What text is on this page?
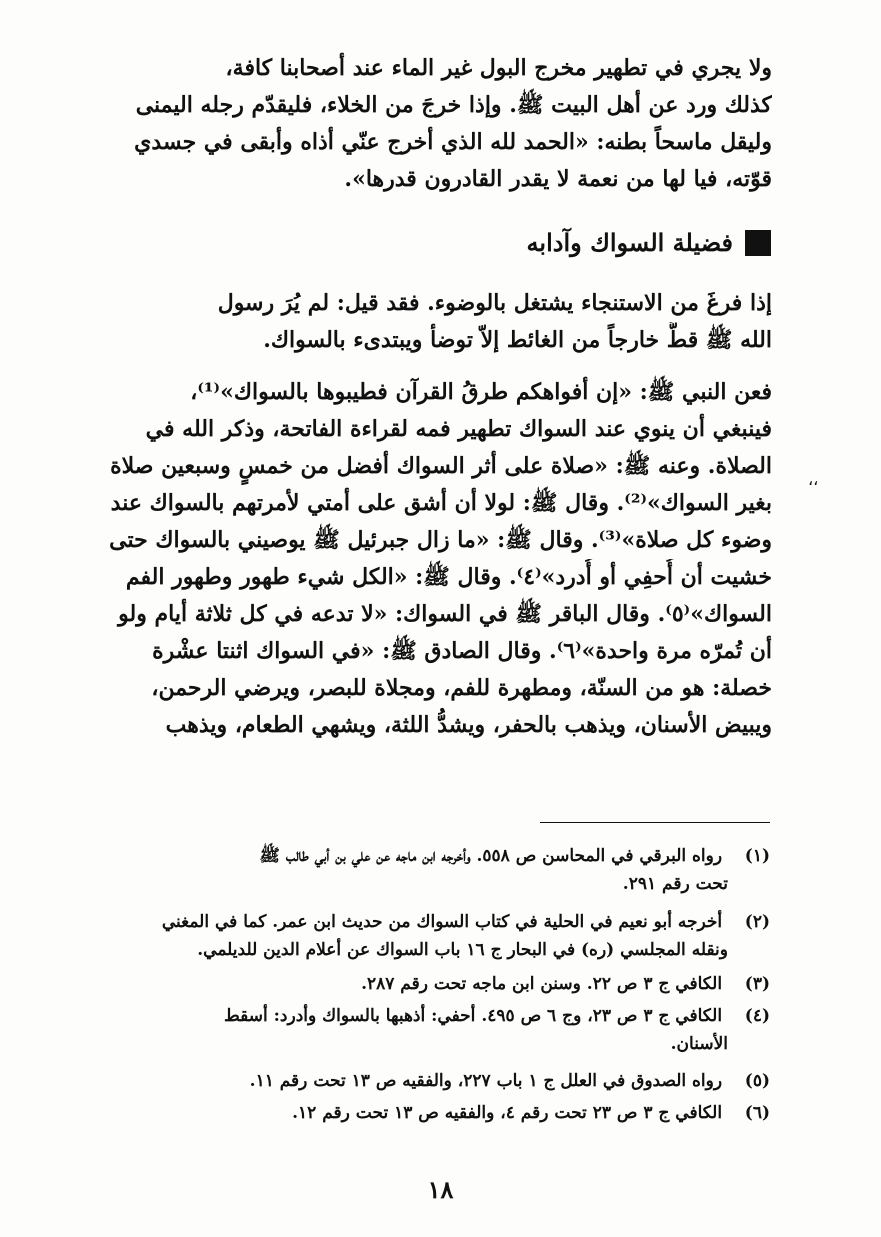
ولا يجري في تطهير مخرج البول غير الماء عند أصحابنا كافة،
كذلك ورد عن أهل البيت ﷺ. وإذا خرجَ من الخلاء، فليقدّم رجله اليمنى
وليقل ماسحاً بطنه: «الحمد لله الذي أخرج عنّي أذاه وأبقى في جسدي
قوّته، فيا لها من نعمة لا يقدر القادرون قدرها».

فضيلة السواك وآدابه

إذا فرغَ من الاستنجاء يشتغل بالوضوء. فقد قيل: لم يُرَ رسول
الله ﷺ قطُّ خارجاً من الغائط إلاّ توضأ ويبتدىء بالسواك.

فعن النبي ﷺ: «إن أفواهكم طرقُ القرآن فطيبوها بالسواك»⁽¹⁾،
فينبغي أن ينوي عند السواك تطهير فمه لقراءة الفاتحة، وذكر الله في
الصلاة. وعنه ﷺ: «صلاة على أثر السواك أفضل من خمسٍ وسبعين صلاة
بغير السواك»⁽²⁾. وقال ﷺ: لولا أن أشق على أمتي لأمرتهم بالسواك عند
وضوء كل صلاة»⁽³⁾. وقال ﷺ: «ما زال جبرئيل ﷺ يوصيني بالسواك حتى
خشيت أن أُحفِي أو أُدرد»⁽٤⁾. وقال ﷺ: «الكل شيء طهور وطهور الفم
السواك»⁽٥⁾. وقال الباقر ﷺ في السواك: «لا تدعه في كل ثلاثة أيام ولو
أن تُمرّه مرة واحدة»⁽٦⁾. وقال الصادق ﷺ: «في السواك اثنتا عشْرة
خصلة: هو من السنّة، ومطهرة للفم، ومجلاة للبصر، ويرضي الرحمن،
ويبيض الأسنان، ويذهب بالحفر، ويشدُّ اللثة، ويشهي الطعام، ويذهب

،،
(١) رواه البرقي في المحاسن ص ٥٥٨. وأخرجه ابن ماجه عن علي بن أبي طالب ﷺ
تحت رقم ٢٩١.
(٢) أخرجه أبو نعيم في الحلية في كتاب السواك من حديث ابن عمر. كما في المغني
ونقله المجلسي (ره) في البحار ج ١٦ باب السواك عن أعلام الدين للديلمي.
(٣) الكافي ج ٣ ص ٢٢. وسنن ابن ماجه تحت رقم ٢٨٧.
(٤) الكافي ج ٣ ص ٢٣، وج ٦ ص ٤٩٥. أحفي: أذهبها بالسواك وأدرد: أسقط
الأسنان.
(٥) رواه الصدوق في العلل ج ١ باب ٢٢٧، والفقيه ص ١٣ تحت رقم ١١.
(٦) الكافي ج ٣ ص ٢٣ تحت رقم ٤، والفقيه ص ١٣ تحت رقم ١٢.
١٨
